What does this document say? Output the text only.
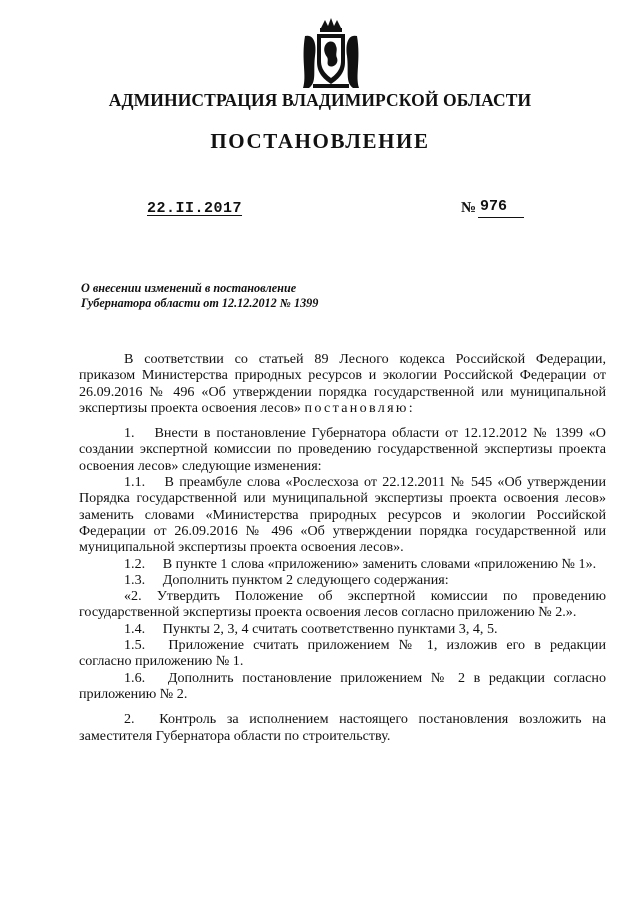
АДМИНИСТРАЦИЯ ВЛАДИМИРСКОЙ ОБЛАСТИ
ПОСТАНОВЛЕНИЕ
22.II.2017	№ 976
О внесении изменений в постановление
Губернатора области от 12.12.2012 № 1399

В соответствии со статьей 89 Лесного кодекса Российской Федерации, приказом Министерства природных ресурсов и экологии Российской Федерации от 26.09.2016 № 496 «Об утверждении порядка государственной или муниципальной экспертизы проекта освоения лесов» постановляю:

1.  Внести в постановление Губернатора области от 12.12.2012 № 1399 «О создании экспертной комиссии по проведению государственной экспертизы проекта освоения лесов» следующие изменения:

1.1.  В преамбуле слова «Рослесхоза от 22.12.2011 № 545 «Об утверждении Порядка государственной или муниципальной экспертизы проекта освоения лесов» заменить словами «Министерства природных ресурсов и экологии Российской Федерации от 26.09.2016 № 496 «Об утверждении порядка государственной или муниципальной экспертизы проекта освоения лесов».

1.2.  В пункте 1 слова «приложению» заменить словами «приложению № 1».

1.3.  Дополнить пунктом 2 следующего содержания:

«2. Утвердить Положение об экспертной комиссии по проведению государственной экспертизы проекта освоения лесов согласно приложению № 2.».

1.4.  Пункты 2, 3, 4 считать соответственно пунктами 3, 4, 5.

1.5.  Приложение считать приложением № 1, изложив его в редакции согласно приложению № 1.

1.6.  Дополнить постановление приложением № 2 в редакции согласно приложению № 2.

2.  Контроль за исполнением настоящего постановления возложить на заместителя Губернатора области по строительству.
